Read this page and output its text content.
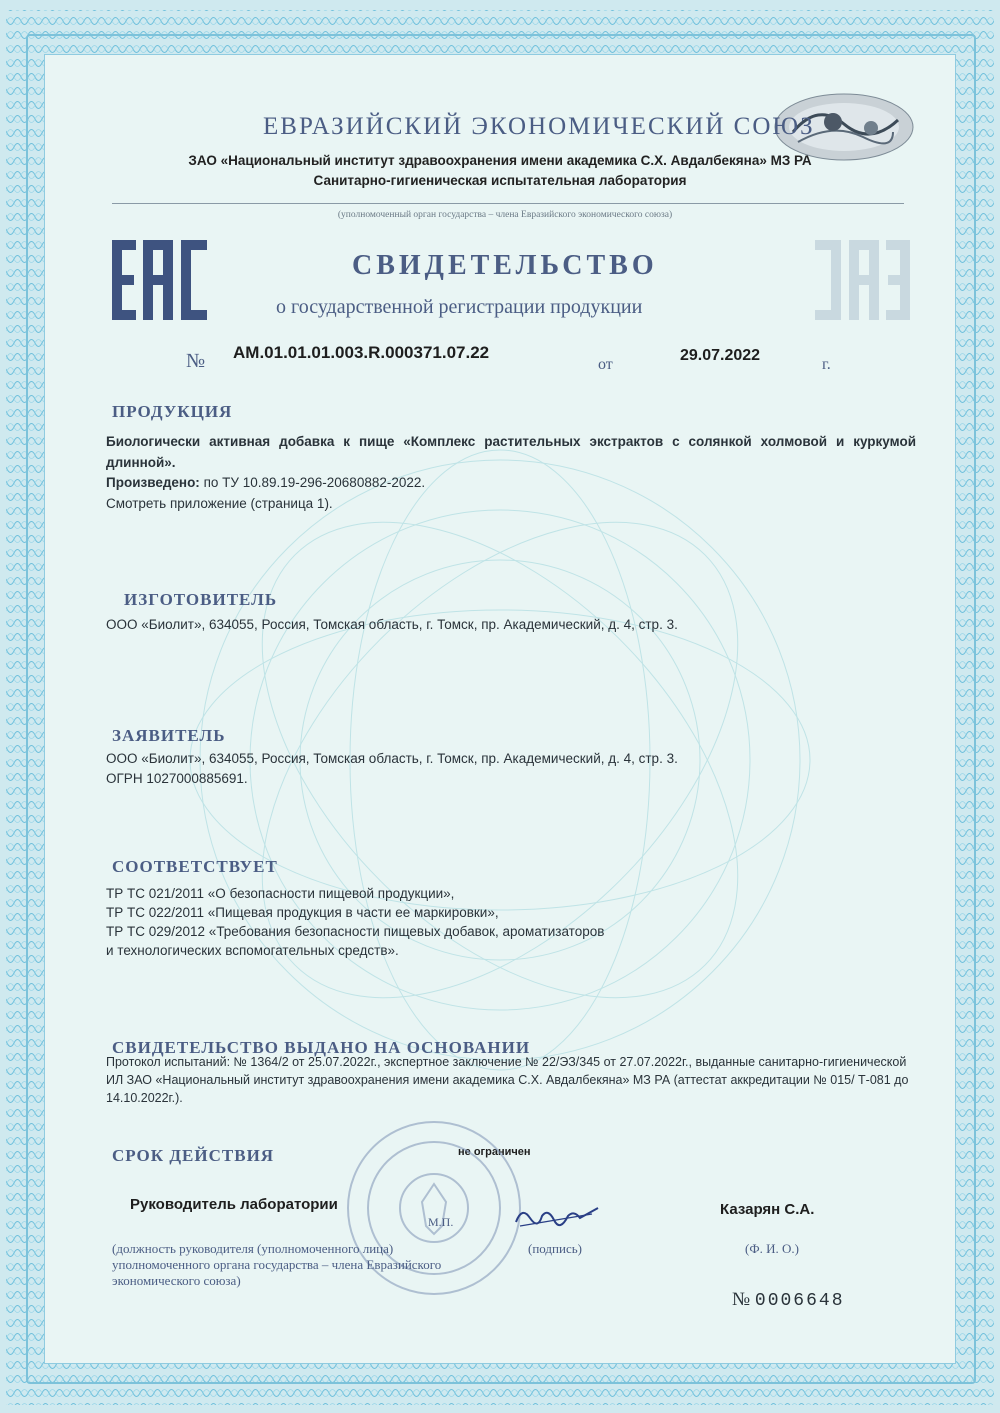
ЕВРАЗИЙСКИЙ ЭКОНОМИЧЕСКИЙ СОЮЗ
ЗАО «Национальный институт здравоохранения имени академика С.Х. Авдалбекяна» МЗ РА
Санитарно-гигиеническая испытательная лаборатория
(уполномоченный орган государства – члена Евразийского экономического союза)
СВИДЕТЕЛЬСТВО
о государственной регистрации продукции
№ AM.01.01.01.003.R.000371.07.22
от
29.07.2022
г.
ПРОДУКЦИЯ
Биологически активная добавка к пище «Комплекс растительных экстрактов с солянкой холмовой и куркумой длинной».
Произведено: по ТУ 10.89.19-296-20680882-2022.
Смотреть приложение (страница 1).
ИЗГОТОВИТЕЛЬ
ООО «Биолит», 634055, Россия, Томская область, г. Томск, пр. Академический, д. 4, стр. 3.
ЗАЯВИТЕЛЬ
ООО «Биолит», 634055, Россия, Томская область, г. Томск, пр. Академический, д. 4, стр. 3.
ОГРН 1027000885691.
СООТВЕТСТВУЕТ
ТР ТС 021/2011 «О безопасности пищевой продукции»,
ТР ТС 022/2011 «Пищевая продукция в части ее маркировки»,
ТР ТС 029/2012 «Требования безопасности пищевых добавок, ароматизаторов
и технологических вспомогательных средств».
СВИДЕТЕЛЬСТВО ВЫДАНО НА ОСНОВАНИИ
Протокол испытаний: № 1364/2 от 25.07.2022г., экспертное заключение № 22/ЭЗ/345 от 27.07.2022г., выданные санитарно-гигиенической ИЛ ЗАО «Национальный институт здравоохранения имени академика С.Х. Авдалбекяна» МЗ РА (аттестат аккредитации № 015/ Т-081 до 14.10.2022г.).
СРОК ДЕЙСТВИЯ	не ограничен
Руководитель лаборатории
М.П.
Казарян С.А.
(должность руководителя (уполномоченного лица) уполномоченного органа государства – члена Евразийского экономического союза)
(подпись)	(Ф. И. О.)
№ 0006648
